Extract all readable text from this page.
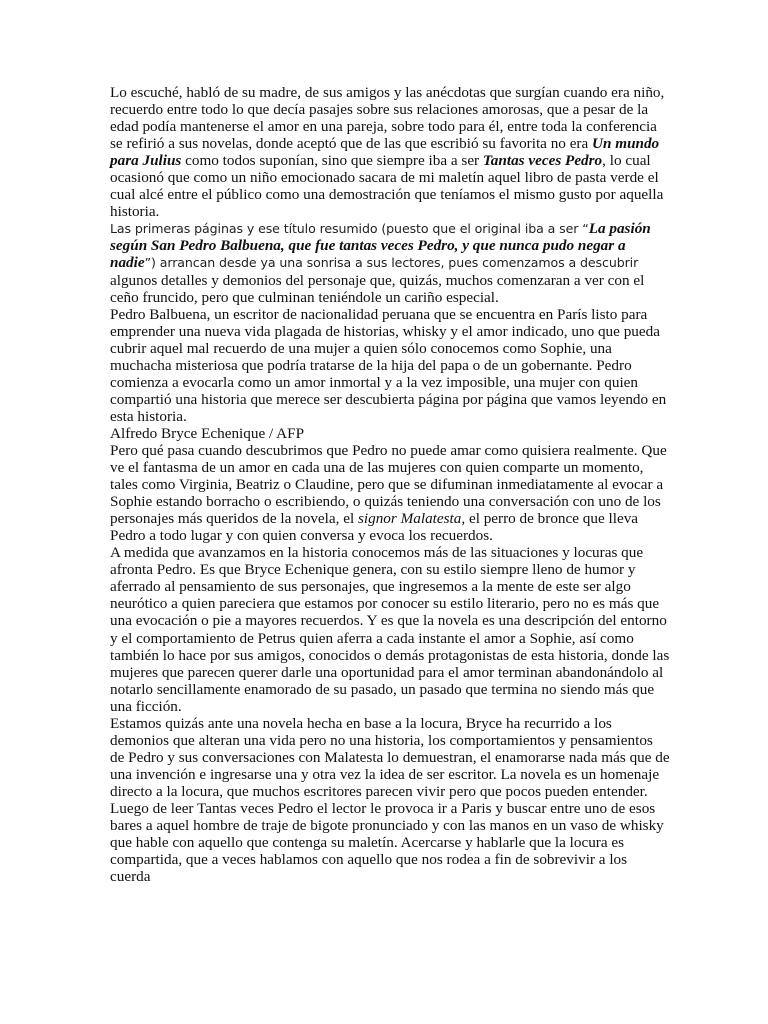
Lo escuché, habló de su madre, de sus amigos y las anécdotas que surgían cuando era niño, recuerdo entre todo lo que decía pasajes sobre sus relaciones amorosas, que a pesar de la edad podía mantenerse el amor en una pareja, sobre todo para él, entre toda la conferencia se refirió a sus novelas, donde aceptó que de las que escribió su favorita no era Un mundo para Julius como todos suponían, sino que siempre iba a ser Tantas veces Pedro, lo cual ocasionó que como un niño emocionado sacara de mi maletín aquel libro de pasta verde el cual alcé entre el público como una demostración que teníamos el mismo gusto por aquella historia.

Las primeras páginas y ese título resumido (puesto que el original iba a ser “La pasión según San Pedro Balbuena, que fue tantas veces Pedro, y que nunca pudo negar a nadie”) arrancan desde ya una sonrisa a sus lectores, pues comenzamos a descubrir algunos detalles y demonios del personaje que, quizás, muchos comenzaran a ver con el ceño fruncido, pero que culminan teniéndole un cariño especial.

Pedro Balbuena, un escritor de nacionalidad peruana que se encuentra en París listo para emprender una nueva vida plagada de historias, whisky y el amor indicado, uno que pueda cubrir aquel mal recuerdo de una mujer a quien sólo conocemos como Sophie, una muchacha misteriosa que podría tratarse de la hija del papa o de un gobernante. Pedro comienza a evocarla como un amor inmortal y a la vez imposible, una mujer con quien compartió una historia que merece ser descubierta página por página que vamos leyendo en esta historia.

Alfredo Bryce Echenique / AFP

Pero qué pasa cuando descubrimos que Pedro no puede amar como quisiera realmente. Que ve el fantasma de un amor en cada una de las mujeres con quien comparte un momento, tales como Virginia, Beatriz o Claudine, pero que se difuminan inmediatamente al evocar a Sophie estando borracho o escribiendo, o quizás teniendo una conversación con uno de los personajes más queridos de la novela, el signor Malatesta, el perro de bronce que lleva Pedro a todo lugar y con quien conversa y evoca los recuerdos.

A medida que avanzamos en la historia conocemos más de las situaciones y locuras que afronta Pedro. Es que Bryce Echenique genera, con su estilo siempre lleno de humor y aferrado al pensamiento de sus personajes, que ingresemos a la mente de este ser algo neurótico a quien pareciera que estamos por conocer su estilo literario, pero no es más que una evocación o pie a mayores recuerdos. Y es que la novela es una descripción del entorno y el comportamiento de Petrus quien aferra a cada instante el amor a Sophie, así como también lo hace por sus amigos, conocidos o demás protagonistas de esta historia, donde las mujeres que parecen querer darle una oportunidad para el amor terminan abandonándolo al notarlo sencillamente enamorado de su pasado, un pasado que termina no siendo más que una ficción.

Estamos quizás ante una novela hecha en base a la locura, Bryce ha recurrido a los demonios que alteran una vida pero no una historia, los comportamientos y pensamientos de Pedro y sus conversaciones con Malatesta lo demuestran, el enamorarse nada más que de una invención e ingresarse una y otra vez la idea de ser escritor. La novela es un homenaje directo a la locura, que muchos escritores parecen vivir pero que pocos pueden entender.

Luego de leer Tantas veces Pedro el lector le provoca ir a Paris y buscar entre uno de esos bares a aquel hombre de traje de bigote pronunciado y con las manos en un vaso de whisky que hable con aquello que contenga su maletín. Acercarse y hablarle que la locura es compartida, que a veces hablamos con aquello que nos rodea a fin de sobrevivir a los cuerda
